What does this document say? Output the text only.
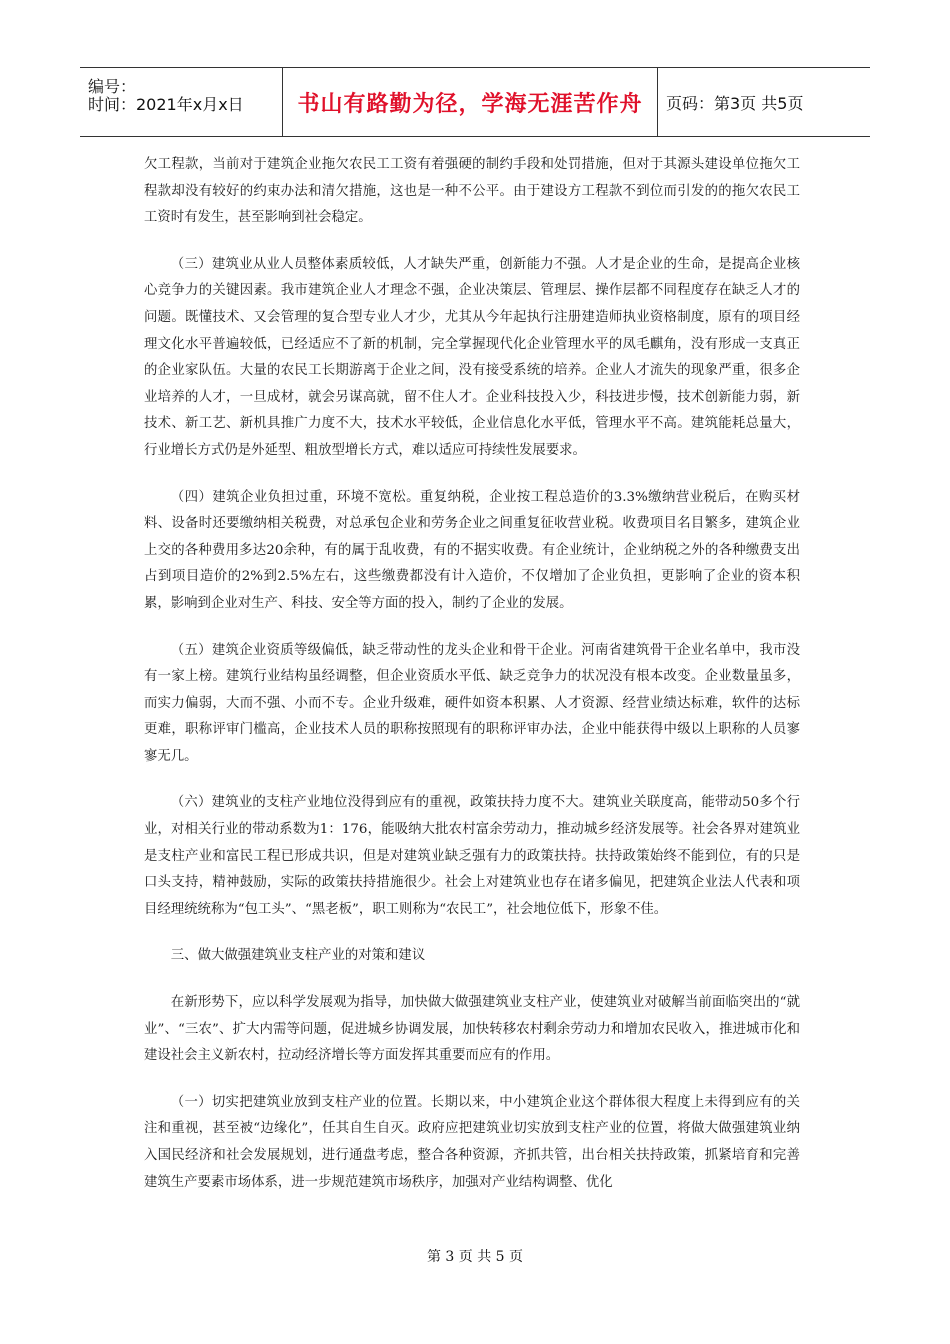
编号：
时间：2021年x月x日	书山有路勤为径，学海无涯苦作舟	页码：第3页 共5页

欠工程款，当前对于建筑企业拖欠农民工工资有着强硬的制约手段和处罚措施，但对于其源头建设单位拖欠工程款却没有较好的约束办法和清欠措施，这也是一种不公平。由于建设方工程款不到位而引发的的拖欠农民工工资时有发生，甚至影响到社会稳定。

（三）建筑业从业人员整体素质较低，人才缺失严重，创新能力不强。人才是企业的生命，是提高企业核心竞争力的关键因素。我市建筑企业人才理念不强，企业决策层、管理层、操作层都不同程度存在缺乏人才的问题。既懂技术、又会管理的复合型专业人才少，尤其从今年起执行注册建造师执业资格制度，原有的项目经理文化水平普遍较低，已经适应不了新的机制，完全掌握现代化企业管理水平的凤毛麒角，没有形成一支真正的企业家队伍。大量的农民工长期游离于企业之间，没有接受系统的培养。企业人才流失的现象严重，很多企业培养的人才，一旦成材，就会另谋高就，留不住人才。企业科技投入少，科技进步慢，技术创新能力弱，新技术、新工艺、新机具推广力度不大，技术水平较低，企业信息化水平低，管理水平不高。建筑能耗总量大，行业增长方式仍是外延型、粗放型增长方式，难以适应可持续性发展要求。

（四）建筑企业负担过重，环境不宽松。重复纳税，企业按工程总造价的3.3%缴纳营业税后，在购买材料、设备时还要缴纳相关税费，对总承包企业和劳务企业之间重复征收营业税。收费项目名目繁多，建筑企业上交的各种费用多达20余种，有的属于乱收费，有的不据实收费。有企业统计，企业纳税之外的各种缴费支出占到项目造价的2%到2.5%左右，这些缴费都没有计入造价，不仅增加了企业负担，更影响了企业的资本积累，影响到企业对生产、科技、安全等方面的投入，制约了企业的发展。

（五）建筑企业资质等级偏低，缺乏带动性的龙头企业和骨干企业。河南省建筑骨干企业名单中，我市没有一家上榜。建筑行业结构虽经调整，但企业资质水平低、缺乏竞争力的状况没有根本改变。企业数量虽多，而实力偏弱，大而不强、小而不专。企业升级难，硬件如资本积累、人才资源、经营业绩达标难，软件的达标更难，职称评审门槛高，企业技术人员的职称按照现有的职称评审办法，企业中能获得中级以上职称的人员寥寥无几。

（六）建筑业的支柱产业地位没得到应有的重视，政策扶持力度不大。建筑业关联度高，能带动50多个行业，对相关行业的带动系数为1：176，能吸纳大批农村富余劳动力，推动城乡经济发展等。社会各界对建筑业是支柱产业和富民工程已形成共识，但是对建筑业缺乏强有力的政策扶持。扶持政策始终不能到位，有的只是口头支持，精神鼓励，实际的政策扶持措施很少。社会上对建筑业也存在诸多偏见，把建筑企业法人代表和项目经理统统称为“包工头”、“黑老板”，职工则称为“农民工”，社会地位低下，形象不佳。

三、做大做强建筑业支柱产业的对策和建议

在新形势下，应以科学发展观为指导，加快做大做强建筑业支柱产业，使建筑业对破解当前面临突出的“就业”、“三农”、扩大内需等问题，促进城乡协调发展，加快转移农村剩余劳动力和增加农民收入，推进城市化和建设社会主义新农村，拉动经济增长等方面发挥其重要而应有的作用。

（一）切实把建筑业放到支柱产业的位置。长期以来，中小建筑企业这个群体很大程度上未得到应有的关注和重视，甚至被“边缘化”，任其自生自灭。政府应把建筑业切实放到支柱产业的位置，将做大做强建筑业纳入国民经济和社会发展规划，进行通盘考虑，整合各种资源，齐抓共管，出台相关扶持政策，抓紧培育和完善建筑生产要素市场体系，进一步规范建筑市场秩序，加强对产业结构调整、优化

第 3 页 共 5 页
